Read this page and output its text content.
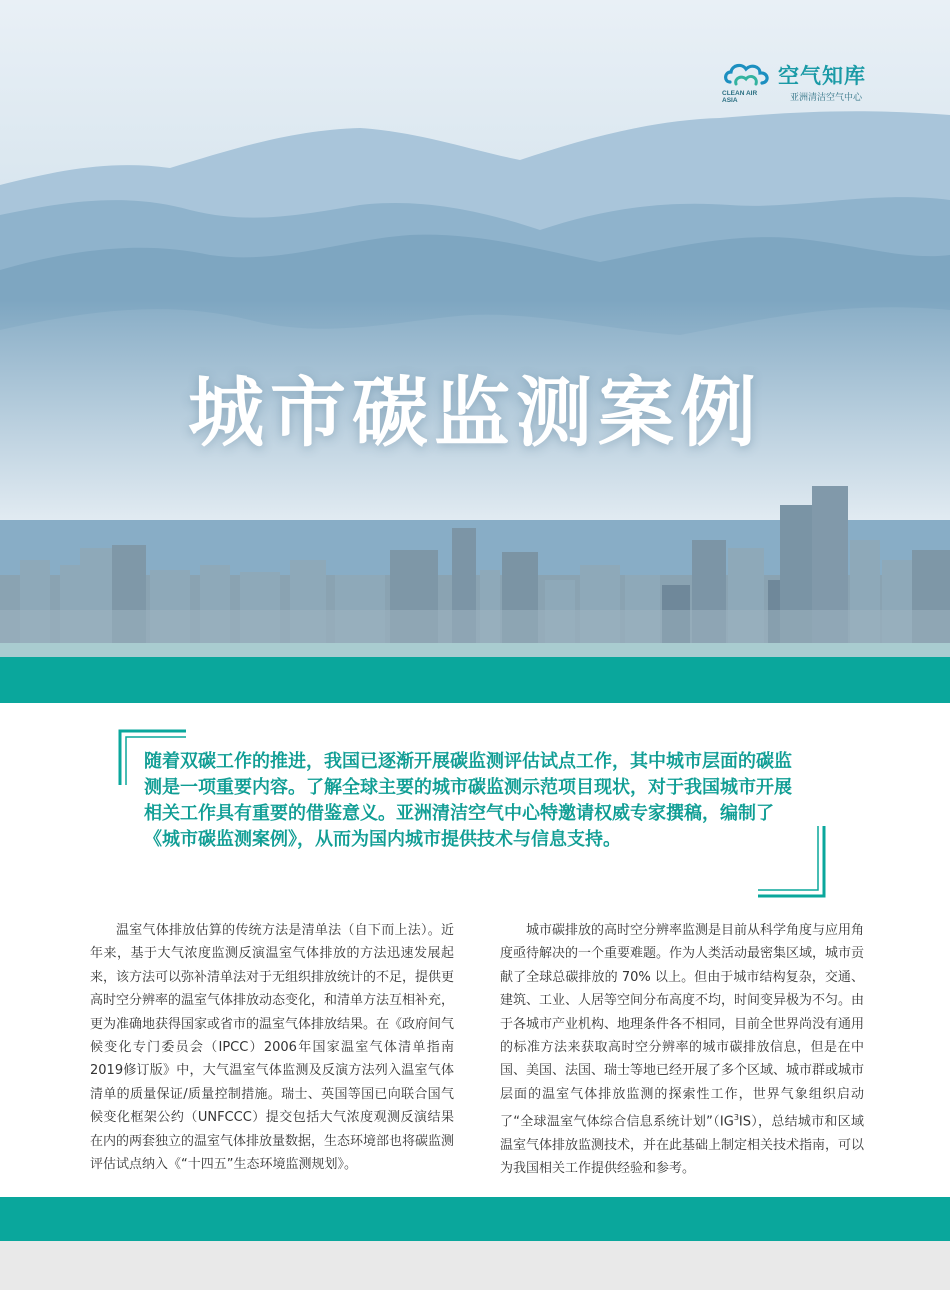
空气知库
亚洲清洁空气中心
CLEAN AIR ASIA
城市碳监测案例
随着双碳工作的推进，我国已逐渐开展碳监测评估试点工作，其中城市层面的碳监测是一项重要内容。了解全球主要的城市碳监测示范项目现状，对于我国城市开展相关工作具有重要的借鉴意义。亚洲清洁空气中心特邀请权威专家撰稿，编制了《城市碳监测案例》，从而为国内城市提供技术与信息支持。
温室气体排放估算的传统方法是清单法（自下而上法）。近年来，基于大气浓度监测反演温室气体排放的方法迅速发展起来，该方法可以弥补清单法对于无组织排放统计的不足，提供更高时空分辨率的温室气体排放动态变化，和清单方法互相补充，更为准确地获得国家或省市的温室气体排放结果。在《政府间气候变化专门委员会（IPCC）2006年国家温室气体清单指南 2019修订版》中，大气温室气体监测及反演方法列入温室气体清单的质量保证/质量控制措施。瑞士、英国等国已向联合国气候变化框架公约（UNFCCC）提交包括大气浓度观测反演结果在内的两套独立的温室气体排放量数据，生态环境部也将碳监测评估试点纳入《“十四五”生态环境监测规划》。
城市碳排放的高时空分辨率监测是目前从科学角度与应用角度亟待解决的一个重要难题。作为人类活动最密集区域，城市贡献了全球总碳排放的 70% 以上。但由于城市结构复杂，交通、建筑、工业、人居等空间分布高度不均，时间变异极为不匀。由于各城市产业机构、地理条件各不相同，目前全世界尚没有通用的标准方法来获取高时空分辨率的城市碳排放信息，但是在中国、美国、法国、瑞士等地已经开展了多个区域、城市群或城市层面的温室气体排放监测的探索性工作，世界气象组织启动了“全球温室气体综合信息系统计划$”(IG^3IS)$，总结城市和区域温室气体排放监测技术，并在此基础上制定相关技术指南，可以为我国相关工作提供经验和参考。
